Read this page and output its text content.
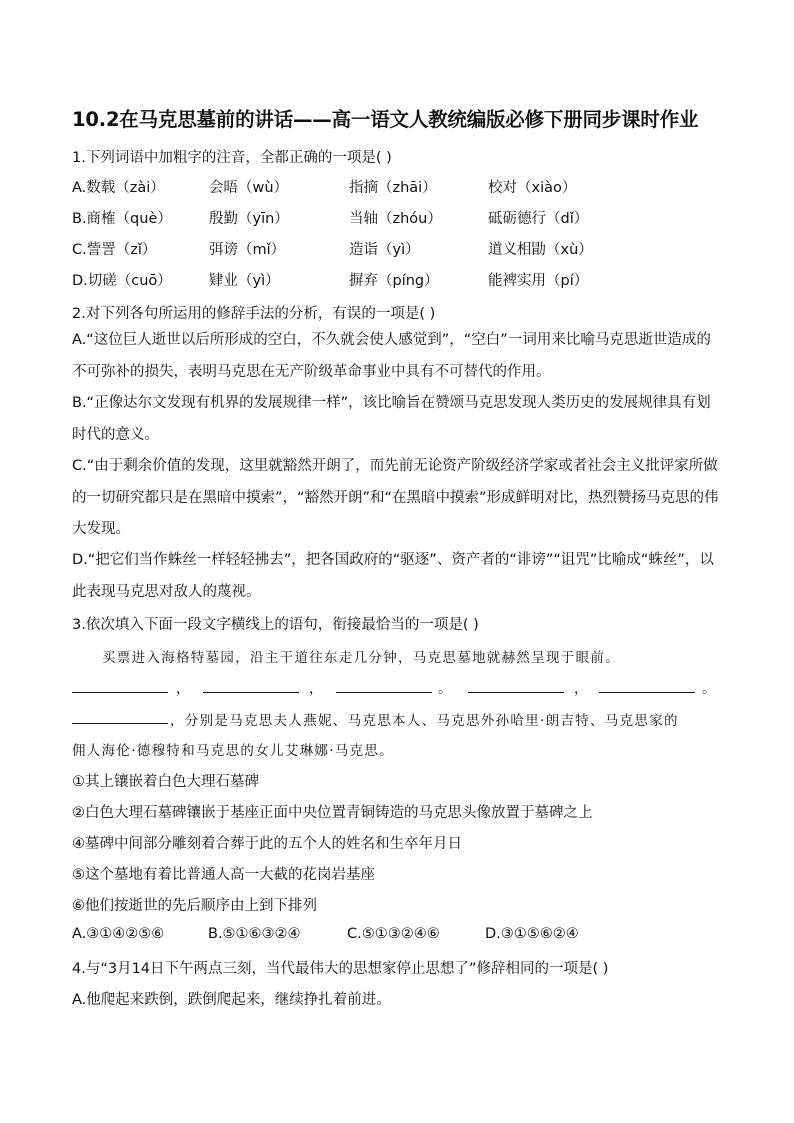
10.2在马克思墓前的讲话——高一语文人教统编版必修下册同步课时作业
1.下列词语中加粗字的注音，全都正确的一项是( )
A.数载（zài）	会晤（wù）	指摘（zhāi）	校对（xiào）
B.商榷（què）	殷勤（yīn）	当轴（zhóu）	砥砺德行（dǐ）
C.訾詈（zǐ）	弭谤（mǐ）	造诣（yì）	道义相勖（xù）
D.切磋（cuō）	肄业（yì）	摒弃（píng）	能裨实用（pí）
2.对下列各句所运用的修辞手法的分析，有误的一项是( )
A.“这位巨人逝世以后所形成的空白，不久就会使人感觉到”，“空白”一词用来比喻马克思逝世造成的不可弥补的损失，表明马克思在无产阶级革命事业中具有不可替代的作用。
B.“正像达尔文发现有机界的发展规律一样”，该比喻旨在赞颂马克思发现人类历史的发展规律具有划时代的意义。
C.“由于剩余价值的发现，这里就豁然开朗了，而先前无论资产阶级经济学家或者社会主义批评家所做的一切研究都只是在黑暗中摸索”，“豁然开朗”和“在黑暗中摸索”形成鲜明对比，热烈赞扬马克思的伟大发现。
D.“把它们当作蛛丝一样轻轻拂去”，把各国政府的“驱逐”、资产者的“诽谤”“诅咒”比喻成“蛛丝”，以此表现马克思对敌人的蔑视。
3.依次填入下面一段文字横线上的语句，衔接最恰当的一项是( )
买票进入海格特墓园，沿主干道往东走几分钟，马克思墓地就赫然呈现于眼前。
，	，	。	，	。
，分别是马克思夫人燕妮、马克思本人、马克思外孙哈里·朗吉特、马克思家的
佣人海伦·德穆特和马克思的女儿艾琳娜·马克思。
①其上镶嵌着白色大理石墓碑
②白色大理石墓碑镶嵌于基座正面中央位置青铜铸造的马克思头像放置于墓碑之上
④墓碑中间部分雕刻着合葬于此的五个人的姓名和生卒年月日
⑤这个墓地有着比普通人高一大截的花岗岩基座
⑥他们按逝世的先后顺序由上到下排列
A.③①④②⑤⑥	B.⑤①⑥③②④	C.⑤①③②④⑥	D.③①⑤⑥②④
4.与“3月14日下午两点三刻，当代最伟大的思想家停止思想了”修辞相同的一项是( )
A.他爬起来跌倒，跌倒爬起来，继续挣扎着前进。
